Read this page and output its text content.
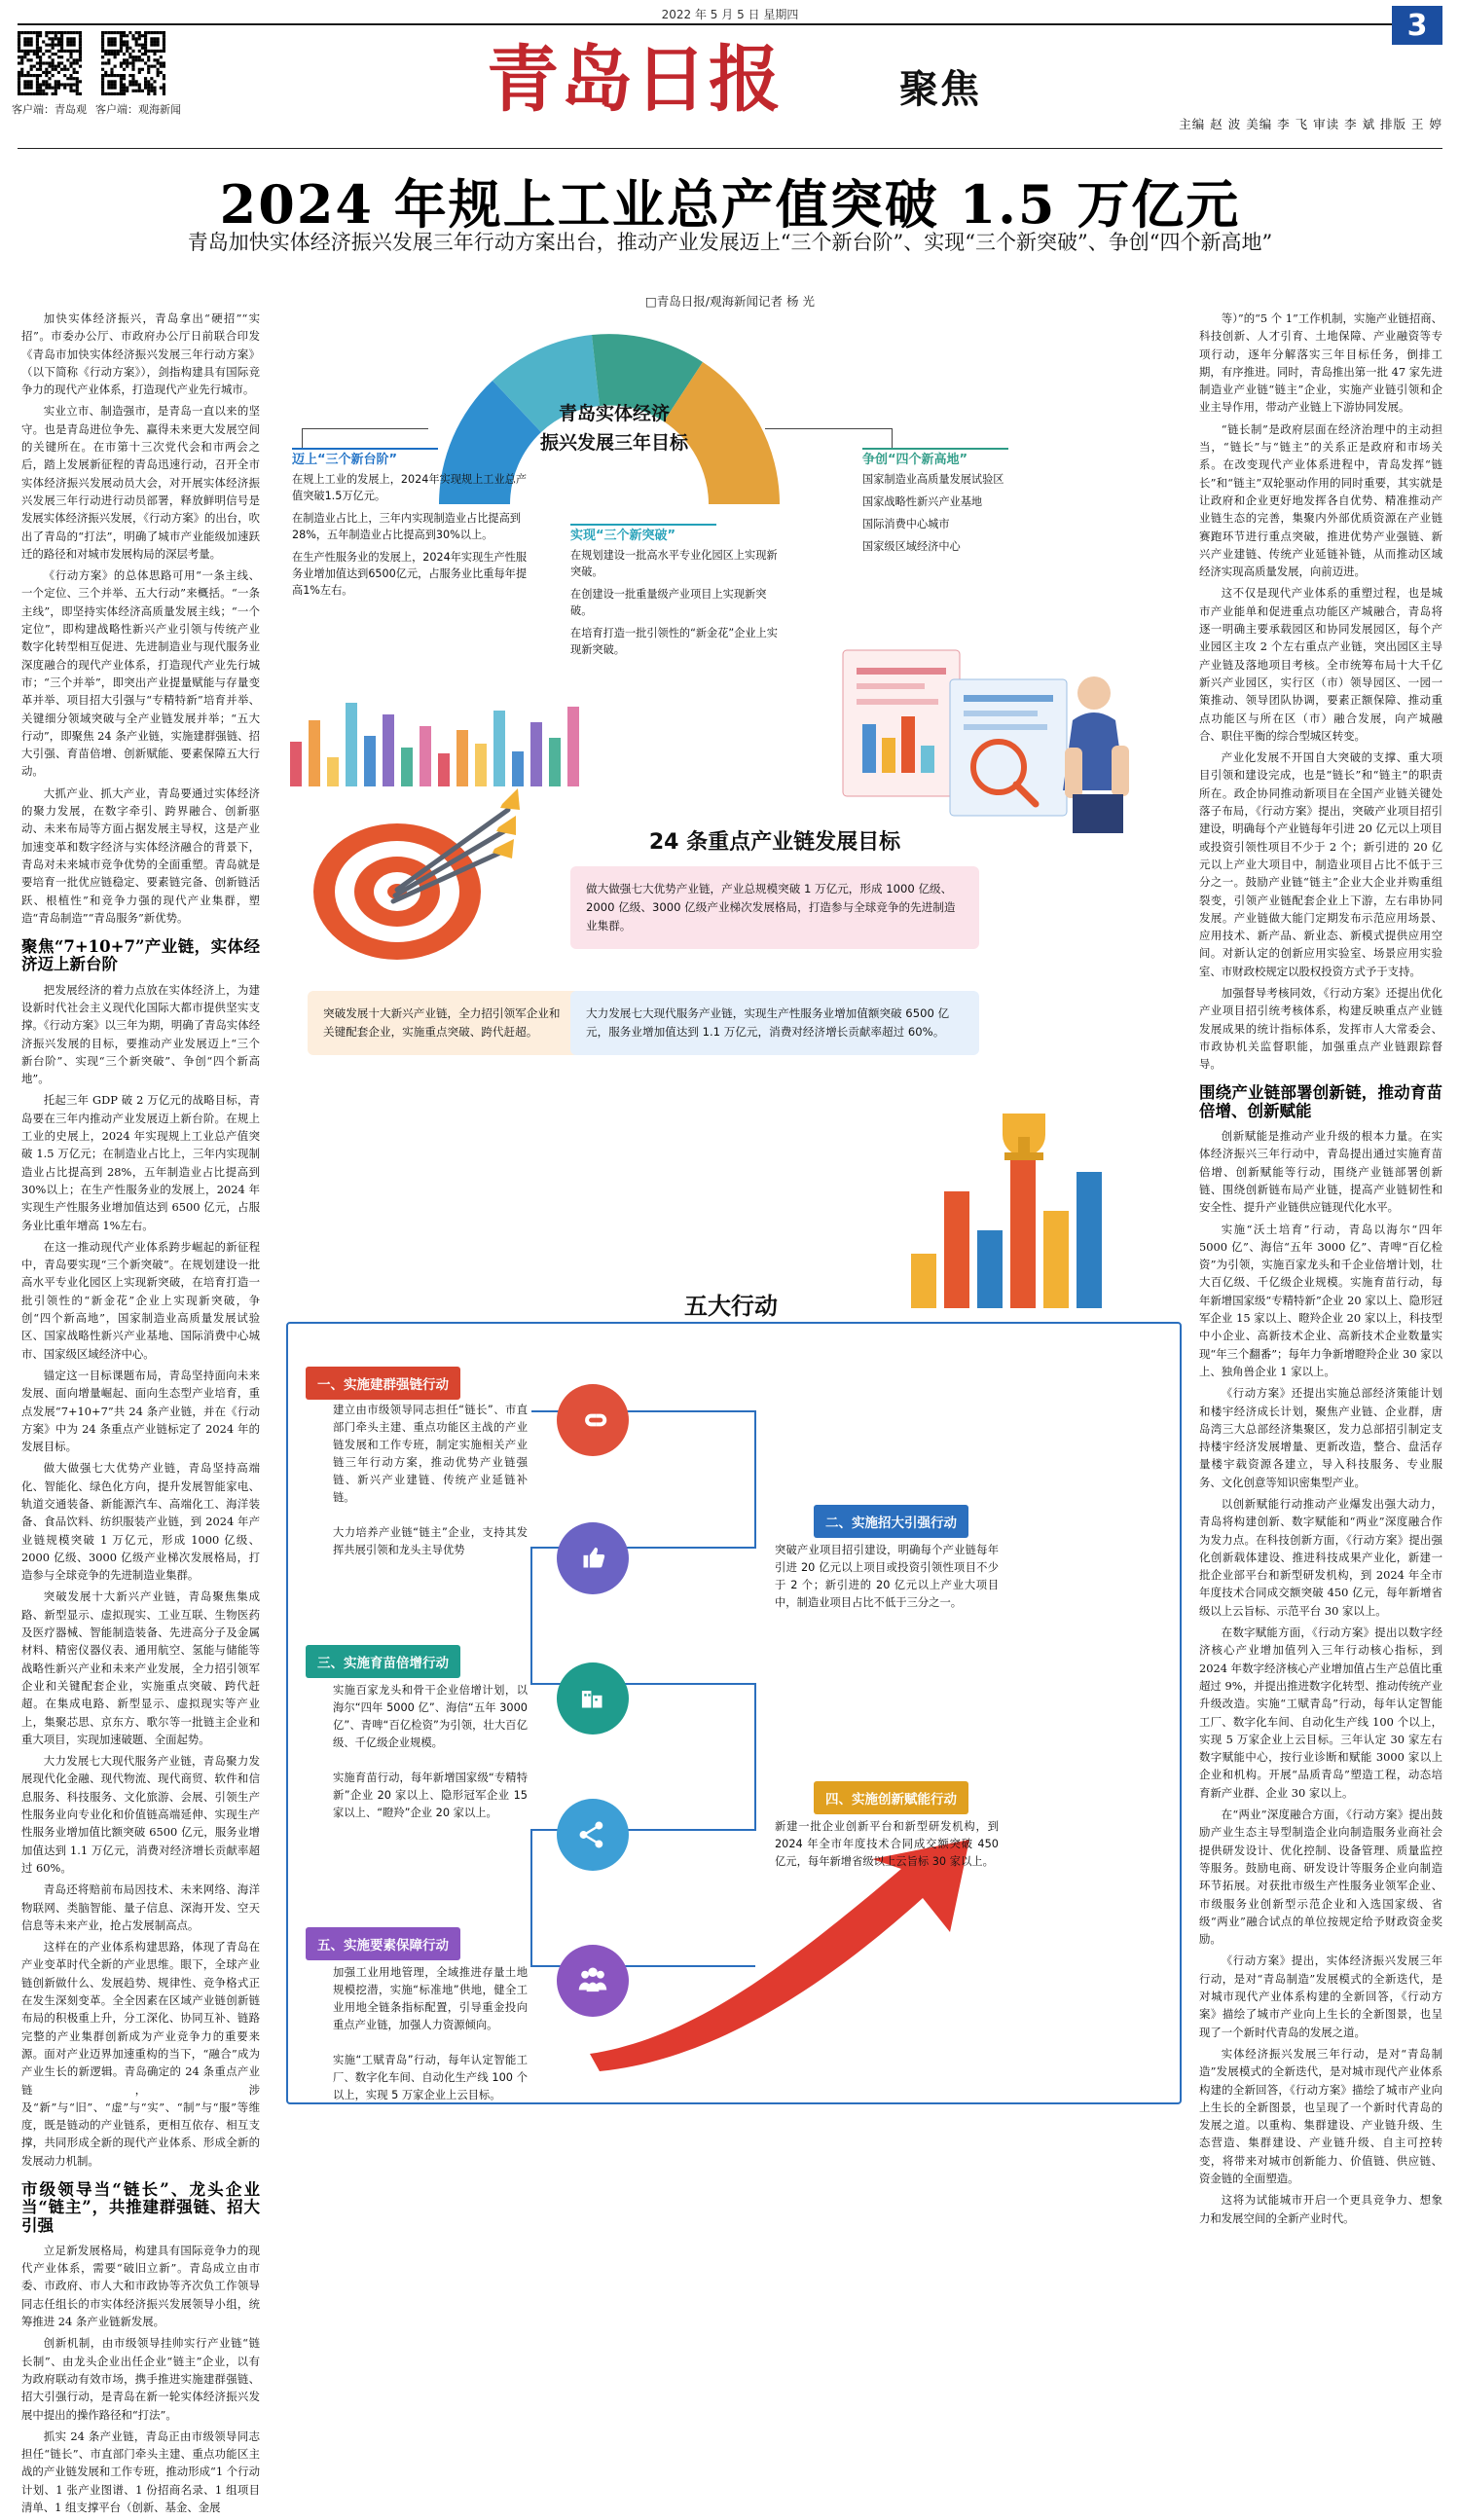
2022 年 5 月 5 日 星期四	3
客户端：青岛观 客户端：观海新闻	青岛日报	聚焦
主编 赵 波 美编 李 飞 审读 李 斌 排版 王 婷
2024 年规上工业总产值突破 1.5 万亿元
青岛加快实体经济振兴发展三年行动方案出台，推动产业发展迈上“三个新台阶”、实现“三个新突破”、争创“四个新高地”
□青岛日报/观海新闻记者 杨 光

加快实体经济振兴，青岛拿出“硬招”“实招”。市委办公厅、市政府办公厅日前联合印发《青岛市加快实体经济振兴发展三年行动方案》（以下简称《行动方案》），剑指构建具有国际竞争力的现代产业体系，打造现代产业先行城市。

实业立市、制造强市，是青岛一直以来的坚守。也是青岛进位争先、赢得未来更大发展空间的关键所在。在市第十三次党代会和市两会之后，踏上发展新征程的青岛迅速行动，召开全市实体经济振兴发展动员大会，对开展实体经济振兴发展三年行动进行动员部署，释放鲜明信号是发展实体经济振兴发展，《行动方案》的出台，吹出了青岛的“打法”，明确了城市产业能级加速跃迁的路径和对城市发展构局的深层考量。

《行动方案》的总体思路可用“一条主线、一个定位、三个并举、五大行动”来概括。“一条主线”，即坚持实体经济高质量发展主线；“一个定位”，即构建战略性新兴产业引领与传统产业数字化转型相互促进、先进制造业与现代服务业深度融合的现代产业体系，打造现代产业先行城市；“三个并举”，即突出产业提量赋能与存量变革并举、项目招大引强与“专精特新”培育并举、关键细分领域突破与全产业链发展并举；“五大行动”，即聚焦 24 条产业链，实施建群强链、招大引强、育苗倍增、创新赋能、要素保障五大行动。

大抓产业、抓大产业，青岛要通过实体经济的聚力发展，在数字牵引、跨界融合、创新驱动、未来布局等方面占据发展主导权，这是产业加速变革和数字经济与实体经济融合的背景下，青岛对未来城市竞争优势的全面重塑。青岛就是要培育一批优应链稳定、要素链完备、创新链活跃、根植性”和竞争力强的现代产业集群，塑造“青岛制造”“青岛服务”新优势。

聚焦“7+10+7”产业链，实体经济迈上新台阶

把发展经济的着力点放在实体经济上，为建设新时代社会主义现代化国际大都市提供坚实支撑。《行动方案》以三年为期，明确了青岛实体经济振兴发展的目标，要推动产业发展迈上“三个新台阶”、实现“三个新突破”、争创“四个新高地”。

托起三年 GDP 破 2 万亿元的战略目标，青岛要在三年内推动产业发展迈上新台阶。在规上工业的史展上，2024 年实现规上工业总产值突破 1.5 万亿元；在制造业占比上，三年内实现制造业占比提高到 28%，五年制造业占比提高到 30%以上；在生产性服务业的发展上，2024 年实现生产性服务业增加值达到 6500 亿元，占服务业比重年增高 1%左右。

在这一推动现代产业体系跨步崛起的新征程中，青岛要实现“三个新突破”。在规划建设一批高水平专业化园区上实现新突破，在培育打造一批引领性的“新金花”企业上实现新突破，争创“四个新高地”，国家制造业高质量发展试验区、国家战略性新兴产业基地、国际消费中心城市、国家级区域经济中心。

锚定这一目标课题布局，青岛坚持面向未来发展、面向增量崛起、面向生态型产业培育，重点发展“7+10+7”共 24 条产业链，并在《行动方案》中为 24 条重点产业链标定了 2024 年的发展目标。

做大做强七大优势产业链，青岛坚持高端化、智能化、绿色化方向，提升发展智能家电、轨道交通装备、新能源汽车、高端化工、海洋装备、食品饮料、纺织服装产业链，到 2024 年产业链规模突破 1 万亿元，形成 1000 亿级、2000 亿级、3000 亿级产业梯次发展格局，打造参与全球竞争的先进制造业集群。

突破发展十大新兴产业链，青岛聚焦集成路、新型显示、虚拟现实、工业互联、生物医药及医疗器械、智能制造装备、先进高分子及金属材料、精密仪器仪表、通用航空、氢能与储能等战略性新兴产业和未来产业发展，全力招引领军企业和关键配套企业，实施重点突破、跨代赶超。在集成电路、新型显示、虚拟现实等产业上，集聚芯思、京东方、歌尔等一批链主企业和重大项目，实现加速破题、全面起势。

大力发展七大现代服务产业链，青岛聚力发展现代化金融、现代物流、现代商贸、软件和信息服务、科技服务、文化旅游、会展、引领生产性服务业向专业化和价值链高端延伸、实现生产性服务业增加值比额突破 6500 亿元，服务业增加值达到 1.1 万亿元，消费对经济增长贡献率超过 60%。

青岛还将赔前布局因技术、未来网络、海洋物联网、类脑智能、量子信息、深海开发、空天信息等未来产业，抢占发展制高点。

这样在的产业体系构建思路，体现了青岛在产业变革时代全新的产业思维。眼下，全球产业链创新做什么、发展趋势、规律性、竞争格式正在发生深刻变革。全全因素在区域产业链创新链布局的积极重上升，分工深化、协同互补、链路完整的产业集群创新成为产业竞争力的重要来源。面对产业迈界加速重构的当下，“融合”成为产业生长的新逻辑。青岛确定的 24 条重点产业链，涉及“新”与“旧”、“虚”与“实”、“制”与“服”等维度，既是链动的产业链系，更相互依存、相互支撑，共同形成全新的现代产业体系、形成全新的发展动力机制。

市级领导当“链长”、龙头企业当“链主”，共推建群强链、招大引强

立足新发展格局，构建具有国际竞争力的现代产业体系，需要“破旧立新”。青岛成立由市委、市政府、市人大和市政协等齐次负工作领导同志任组长的市实体经济振兴发展领导小组，统筹推进 24 条产业链新发展。

创新机制，由市级领导挂帅实行产业链“链长制”、由龙头企业出任企业“链主”企业，以有为政府联动有效市场，携手推进实施建群强链、招大引强行动，是青岛在新一轮实体经济振兴发展中提出的操作路径和“打法”。

抓实 24 条产业链，青岛正由市级领导同志担任“链长”、市直部门牵头主建、重点功能区主战的产业链发展和工作专班，推动形成“1 个行动计划、1 张产业图谱、1 份招商名录、1 组项目清单、1 组支撑平台（创新、基金、金展

等）”的“5 个 1”工作机制，实施产业链招商、科技创新、人才引育、土地保障、产业融资等专项行动，逐年分解落实三年目标任务，倒排工期，有序推进。同时，青岛推出第一批 47 家先进制造业产业链“链主”企业，实施产业链引领和企业主导作用，带动产业链上下游协同发展。

“链长制”是政府层面在经济治理中的主动担当，“链长”与“链主”的关系正是政府和市场关系。在改变现代产业体系进程中，青岛发挥“链长”和“链主”双轮驱动作用的同时重要，其实就是让政府和企业更好地发挥各自优势、精准推动产业链生态的完善，集聚内外部优质资源在产业链赛跑环节进行重点突破，推进优势产业强链、新兴产业建链、传统产业延链补链，从而推动区域经济实现高质量发展，向前迈进。

这不仅是现代产业体系的重塑过程，也是城市产业能单和促进重点功能区产城融合，青岛将逐一明确主要承载园区和协同发展园区，每个产业园区主攻 2 个左右重点产业链，突出园区主导产业链及落地项目考核。全市统筹布局十大千亿新兴产业园区，实行区（市）领导园区、一园一策推动、领导团队协调，要素正额保障、推动重点功能区与所在区（市）融合发展，向产城融合、职住平衡的综合型城区转变。

产业化发展不开国自大突破的支撑、重大项目引领和建设完成，也是“链长”和“链主”的职责所在。政企协同推动新项目在全国产业链关键处落子布局，《行动方案》提出，突破产业项目招引建设，明确每个产业链每年引进 20 亿元以上项目或投资引领性项目不少于 2 个；新引进的 20 亿元以上产业大项目中，制造业项目占比不低于三分之一。鼓励产业链“链主”企业大企业并购重组裂变，引领产业链配套企业上下游，左右串协同发展。产业链做大能门定期发布示范应用场景、应用技术、新产品、新业态、新模式提供应用空间。对新认定的创新应用实验室、场景应用实验室、市财政校规定以股权投资方式予于支持。

加强督导考核同效，《行动方案》还提出优化产业项目招引统考核体系，构建反映重点产业链发展成果的统计指标体系，发挥市人大常委会、市政协机关监督职能，加强重点产业链跟踪督导。

围绕产业链部署创新链，推动育苗倍增、创新赋能

创新赋能是推动产业升级的根本力量。在实体经济振兴三年行动中，青岛提出通过实施育苗倍增、创新赋能等行动，围绕产业链部署创新链、围绕创新链布局产业链，提高产业链韧性和安全性、提升产业链供应链现代化水平。

实施“沃土培育”行动，青岛以海尔“四年 5000 亿”、海信“五年 3000 亿”、青啤“百亿检资”为引领，实施百家龙头和千企业倍增计划，壮大百亿级、千亿级企业规模。实施育苗行动，每年新增国家级“专精特新”企业 20 家以上、隐形冠军企业 15 家以上、瞪羚企业 20 家以上，科技型中小企业、高新技术企业、高新技术企业数量实现“年三个翻番”；每年力争新增瞪羚企业 30 家以上、独角兽企业 1 家以上。

《行动方案》还提出实施总部经济策能计划和楼宇经济成长计划，聚焦产业链、企业群，唐岛湾三大总部经济集聚区，发力总部招引制定支持楼宇经济发展增量、更新改造，整合、盘活存量楼宇载资源各建立，导入科技服务、专业服务、文化创意等知识密集型产业。

以创新赋能行动推动产业爆发出强大动力，青岛将构建创新、数字赋能和“两业”深度融合作为发力点。在科技创新方面，《行动方案》提出强化创新载体建设、推进科技成果产业化，新建一批企业部平台和新型研发机构，到 2024 年全市年度技术合同成交额突破 450 亿元，每年新增省级以上云旨标、示范平台 30 家以上。

在数字赋能方面，《行动方案》提出以数字经济核心产业增加值列入三年行动核心指标，到 2024 年数字经济核心产业增加值占生产总值比重超过 9%，并提出推进数字化转型、推动传统产业升级改造。实施“工赋青岛”行动，每年认定智能工厂、数字化车间、自动化生产线 100 个以上，实现 5 万家企业上云目标。三年认定 30 家左右数字赋能中心，按行业诊断和赋能 3000 家以上企业和机构。开展“品质青岛”塑造工程，动态培育新产业群、企业 30 家以上。

在“两业”深度融合方面，《行动方案》提出鼓励产业生态主导型制造企业向制造服务业商社会提供研发设计、优化控制、设备管理、质量监控等服务。鼓励电商、研发设计等服务企业向制造环节拓展。对获批市级生产性服务业领军企业、市级服务业创新型示范企业和入选国家级、省级“两业”融合试点的单位按规定给予财政资金奖励。

《行动方案》提出，实体经济振兴发展三年行动，是对“青岛制造”发展模式的全新迭代，是对城市现代产业体系构建的全新回答，《行动方案》描绘了城市产业向上生长的全新图景，也呈现了一个新时代青岛的发展之道。

实体经济振兴发展三年行动，是对“青岛制造”发展模式的全新迭代，是对城市现代产业体系构建的全新回答，《行动方案》描绘了城市产业向上生长的全新图景，也呈现了一个新时代青岛的发展之道。以重构、集群建设、产业链升级、生态营造、集群建设、产业链升级、自主可控转变，将带来对城市创新能力、价值链、供应链、资金链的全面塑造。

这将为试能城市开启一个更具竞争力、想象力和发展空间的全新产业时代。

青岛实体经济
振兴发展三年目标
迈上“三个新台阶”
在规上工业的发展上，2024年实现规上工业总产值突破1.5万亿元。
在制造业占比上，三年内实现制造业占比提高到28%，五年制造业占比提高到30%以上。
在生产性服务业的发展上，2024年实现生产性服务业增加值达到6500亿元，占服务业比重每年提高1%左右。
实现“三个新突破”
在规划建设一批高水平专业化园区上实现新突破。
在创建设一批重量级产业项目上实现新突破。
在培育打造一批引领性的“新金花”企业上实现新突破。
争创“四个新高地”
国家制造业高质量发展试验区
国家战略性新兴产业基地
国际消费中心城市
国家级区域经济中心
24 条重点产业链发展目标
做大做强七大优势产业链，产业总规模突破 1 万亿元，形成 1000 亿级、2000 亿级、3000 亿级产业梯次发展格局，打造参与全球竞争的先进制造业集群。
突破发展十大新兴产业链，全力招引领军企业和关键配套企业，实施重点突破、跨代赶超。
大力发展七大现代服务产业链，实现生产性服务业增加值额突破 6500 亿元，服务业增加值达到 1.1 万亿元，消费对经济增长贡献率超过 60%。
五大行动
一、实施建群强链行动
建立由市级领导同志担任“链长”、市直部门牵头主建、重点功能区主战的产业链发展和工作专班，制定实施相关产业链三年行动方案，推动优势产业链强链、新兴产业建链、传统产业延链补链。

大力培养产业链“链主”企业，支持其发挥共展引领和龙头主导优势
二、实施招大引强行动
突破产业项目招引建设，明确每个产业链每年引进 20 亿元以上项目或投资引领性项目不少于 2 个；新引进的 20 亿元以上产业大项目中，制造业项目占比不低于三分之一。
三、实施育苗倍增行动
实施百家龙头和骨干企业倍增计划，以海尔“四年 5000 亿”、海信“五年 3000 亿”、青啤“百亿检资”为引领，壮大百亿级、千亿级企业规模。

实施育苗行动，每年新增国家级“专精特新”企业 20 家以上、隐形冠军企业 15 家以上、“瞪羚”企业 20 家以上。
四、实施创新赋能行动
新建一批企业创新平台和新型研发机构，到 2024 年全市年度技术合同成交额突破 450 亿元，每年新增省级以上云旨标 30 家以上。
五、实施要素保障行动
加强工业用地管理，全域推进存量土地规模挖潜，实施“标准地”供地，健全工业用地全链条指标配置，引导重金投向重点产业链，加强人力资源倾向。

实施“工赋青岛”行动，每年认定智能工厂、数字化车间、自动化生产线 100 个以上，实现 5 万家企业上云目标。
